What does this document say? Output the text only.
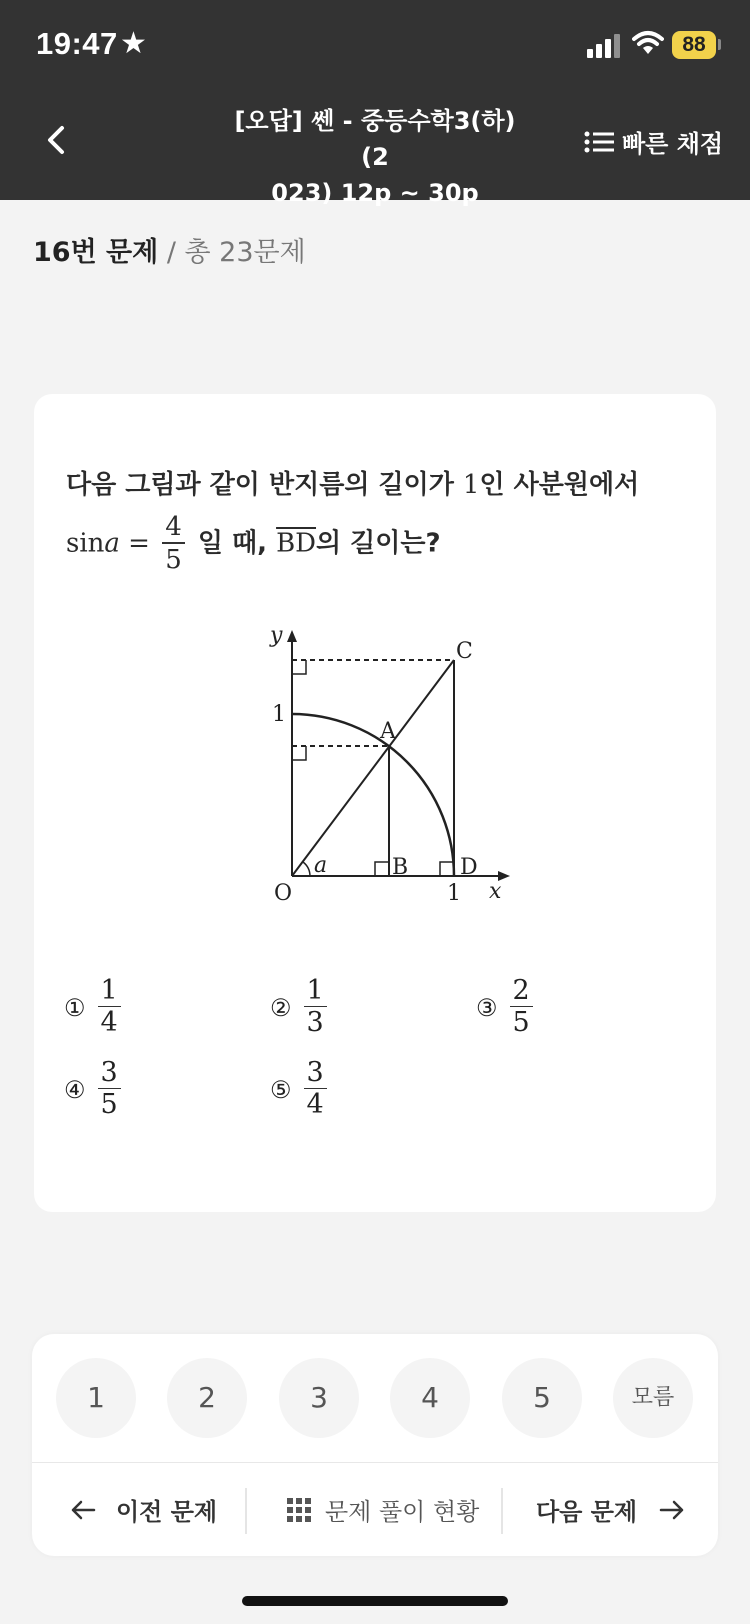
19:47 ★	88
[오답] 쎈 - 중등수학3(하) (2
023) 12p ~ 30p
빠른 채점
16번 문제 / 총 23문제
다음 그림과 같이 반지름의 길이가 1인 사분원에서
$\sin a = \frac{4}{5}$ 일 때, $\overline{BD}$의 길이는?
y
x
1
1
O
A
B
C
D
a
① $\frac{1}{4}$	② $\frac{1}{3}$	③ $\frac{2}{5}$
④ $\frac{3}{5}$	⑤ $\frac{3}{4}$
1	2	3	4	5	모름
이전 문제	문제 풀이 현황 다음 문제
